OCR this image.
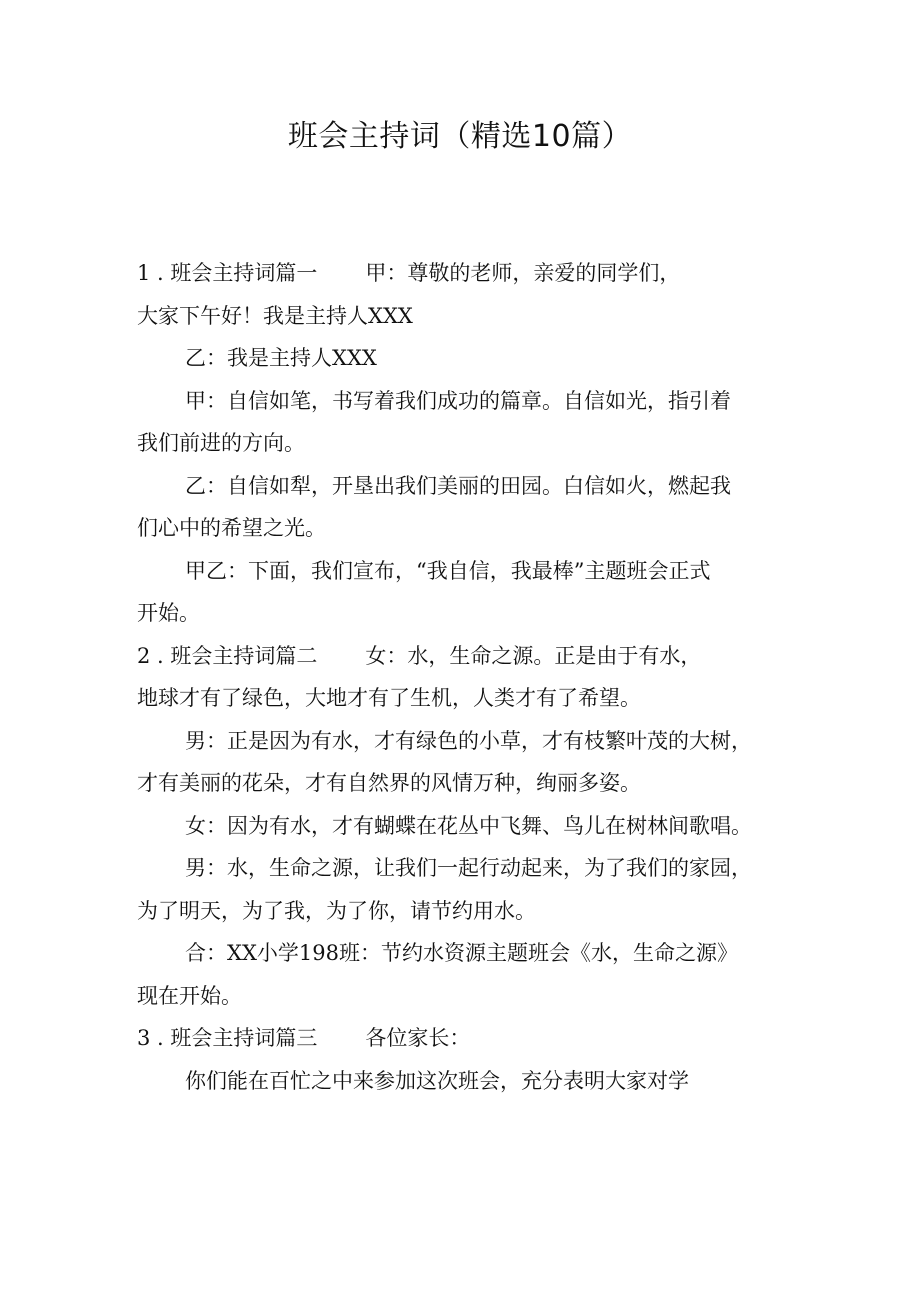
班会主持词（精选10篇）
1 . 班会主持词篇一 甲：尊敬的老师，亲爱的同学们，
大家下午好！我是主持人XXX
乙：我是主持人XXX
甲：自信如笔，书写着我们成功的篇章。自信如光，指引着
我们前进的方向。
乙：自信如犁，开垦出我们美丽的田园。白信如火，燃起我
们心中的希望之光。
甲乙：下面，我们宣布，“我自信，我最棒”主题班会正式
开始。
2 . 班会主持词篇二 女：水，生命之源。正是由于有水，
地球才有了绿色，大地才有了生机，人类才有了希望。
男：正是因为有水，才有绿色的小草，才有枝繁叶茂的大树，
才有美丽的花朵，才有自然界的风情万种，绚丽多姿。
女：因为有水，才有蝴蝶在花丛中飞舞、鸟儿在树林间歌唱。
男：水，生命之源，让我们一起行动起来，为了我们的家园，
为了明天，为了我，为了你，请节约用水。
合：XX小学198班：节约水资源主题班会《水，生命之源》
现在开始。
3 . 班会主持词篇三 各位家长：
你们能在百忙之中来参加这次班会，充分表明大家对学
